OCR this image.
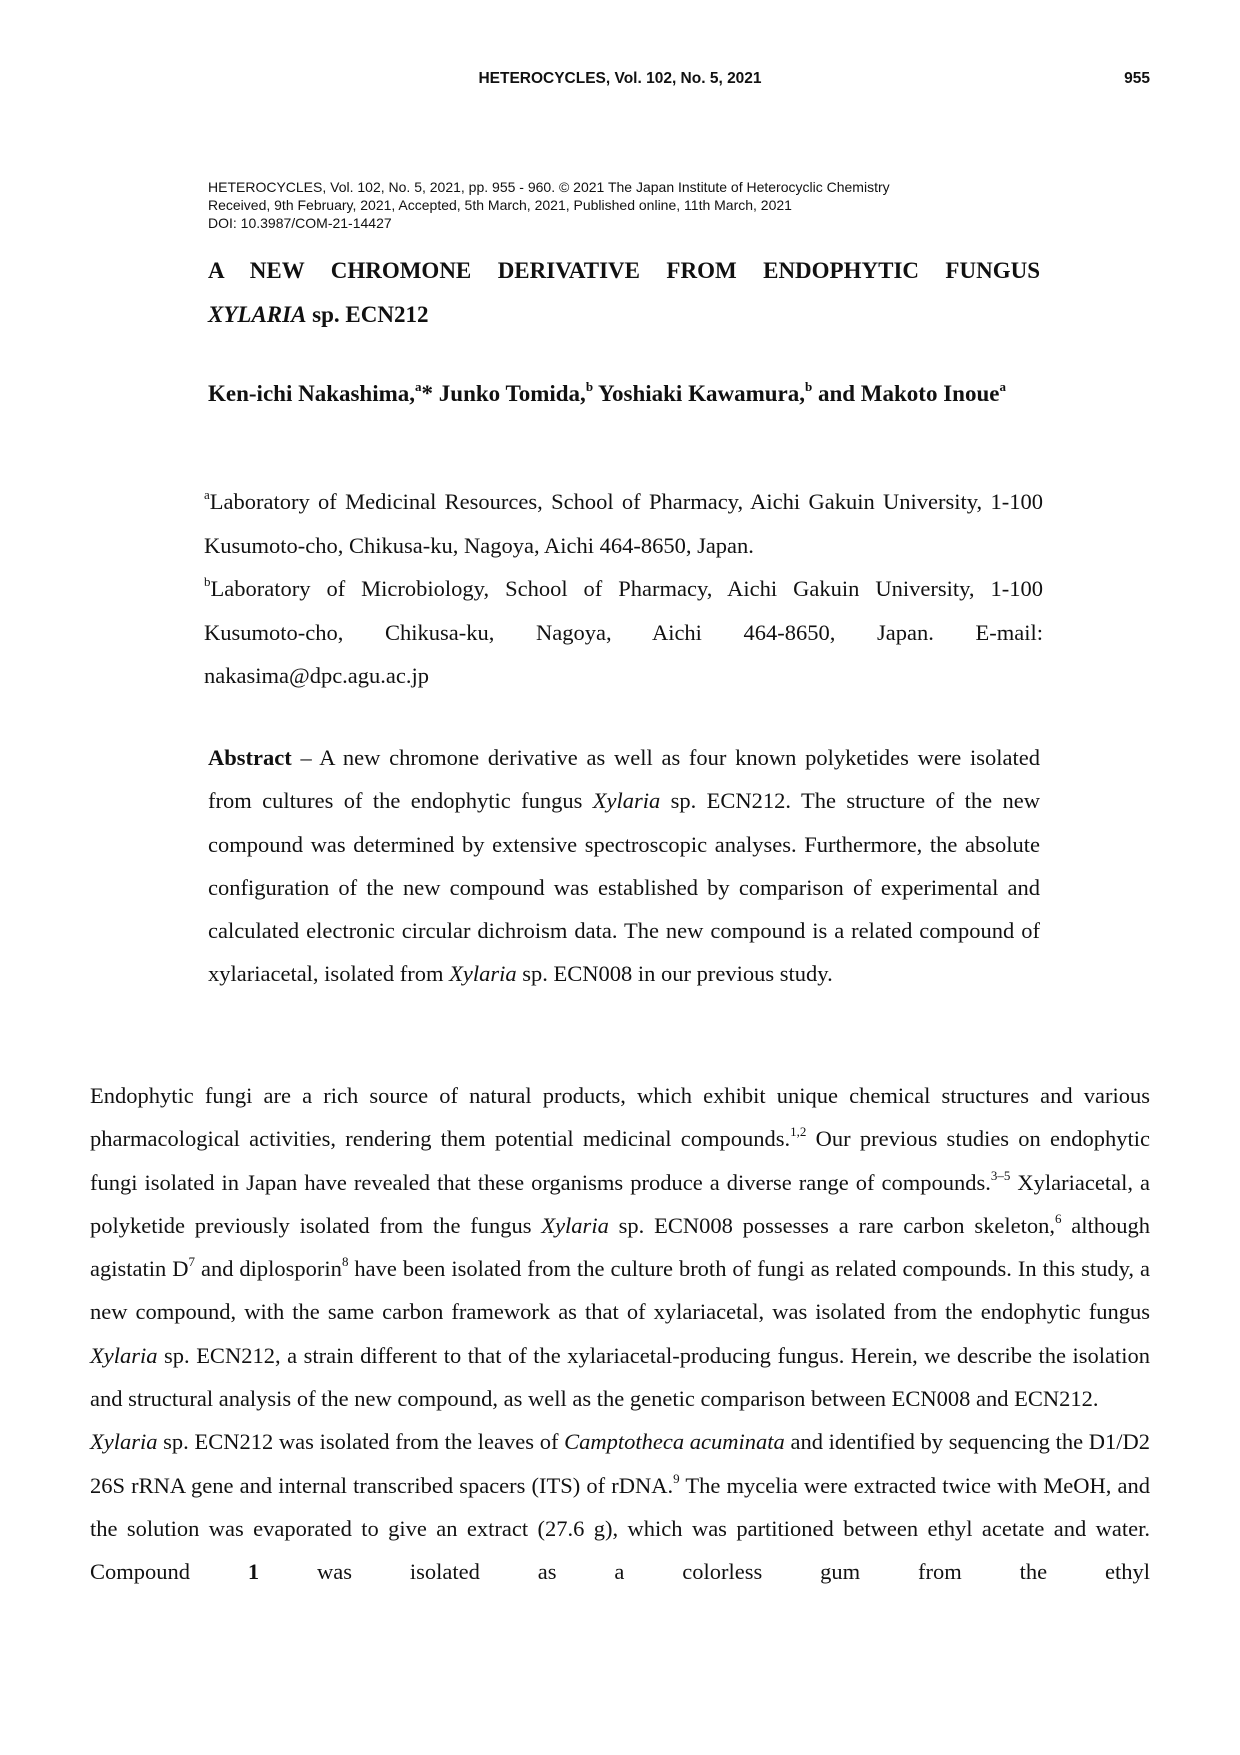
HETEROCYCLES, Vol. 102, No. 5, 2021	955
HETEROCYCLES, Vol. 102, No. 5, 2021, pp. 955 - 960. © 2021 The Japan Institute of Heterocyclic Chemistry
Received, 9th February, 2021, Accepted, 5th March, 2021, Published online, 11th March, 2021
DOI: 10.3987/COM-21-14427
A NEW CHROMONE DERIVATIVE FROM ENDOPHYTIC FUNGUS
XYLARIA sp. ECN212
Ken-ichi Nakashima,$^a$* Junko Tomida,$^b$ Yoshiaki Kawamura,$^b$ and Makoto Inoue$^a$
$^a$Laboratory of Medicinal Resources, School of Pharmacy, Aichi Gakuin University, 1-100 Kusumoto-cho, Chikusa-ku, Nagoya, Aichi 464-8650, Japan.
$^b$Laboratory of Microbiology, School of Pharmacy, Aichi Gakuin University, 1-100 Kusumoto-cho, Chikusa-ku, Nagoya, Aichi 464-8650, Japan. E-mail: nakasima@dpc.agu.ac.jp
Abstract – A new chromone derivative as well as four known polyketides were isolated from cultures of the endophytic fungus Xylaria sp. ECN212. The structure of the new compound was determined by extensive spectroscopic analyses. Furthermore, the absolute configuration of the new compound was established by comparison of experimental and calculated electronic circular dichroism data. The new compound is a related compound of xylariacetal, isolated from Xylaria sp. ECN008 in our previous study.

Endophytic fungi are a rich source of natural products, which exhibit unique chemical structures and various pharmacological activities, rendering them potential medicinal compounds.$^{1,2}$ Our previous studies on endophytic fungi isolated in Japan have revealed that these organisms produce a diverse range of compounds.$^{3-5}$ Xylariacetal, a polyketide previously isolated from the fungus Xylaria sp. ECN008 possesses a rare carbon skeleton,$^6$ although agistatin $D^7$ and diplosporin$^8$ have been isolated from the culture broth of fungi as related compounds. In this study, a new compound, with the same carbon framework as that of xylariacetal, was isolated from the endophytic fungus Xylaria sp. ECN212, a strain different to that of the xylariacetal-producing fungus. Herein, we describe the isolation and structural analysis of the new compound, as well as the genetic comparison between ECN008 and ECN212.

Xylaria sp. ECN212 was isolated from the leaves of Camptotheca acuminata and identified by sequencing the D1/D2 26S rRNA gene and internal transcribed spacers (ITS) of rDNA.$^9$ The mycelia were extracted twice with MeOH, and the solution was evaporated to give an extract (27.6 g), which was partitioned between ethyl acetate and water. Compound 1 was isolated as a colorless gum from the ethyl
